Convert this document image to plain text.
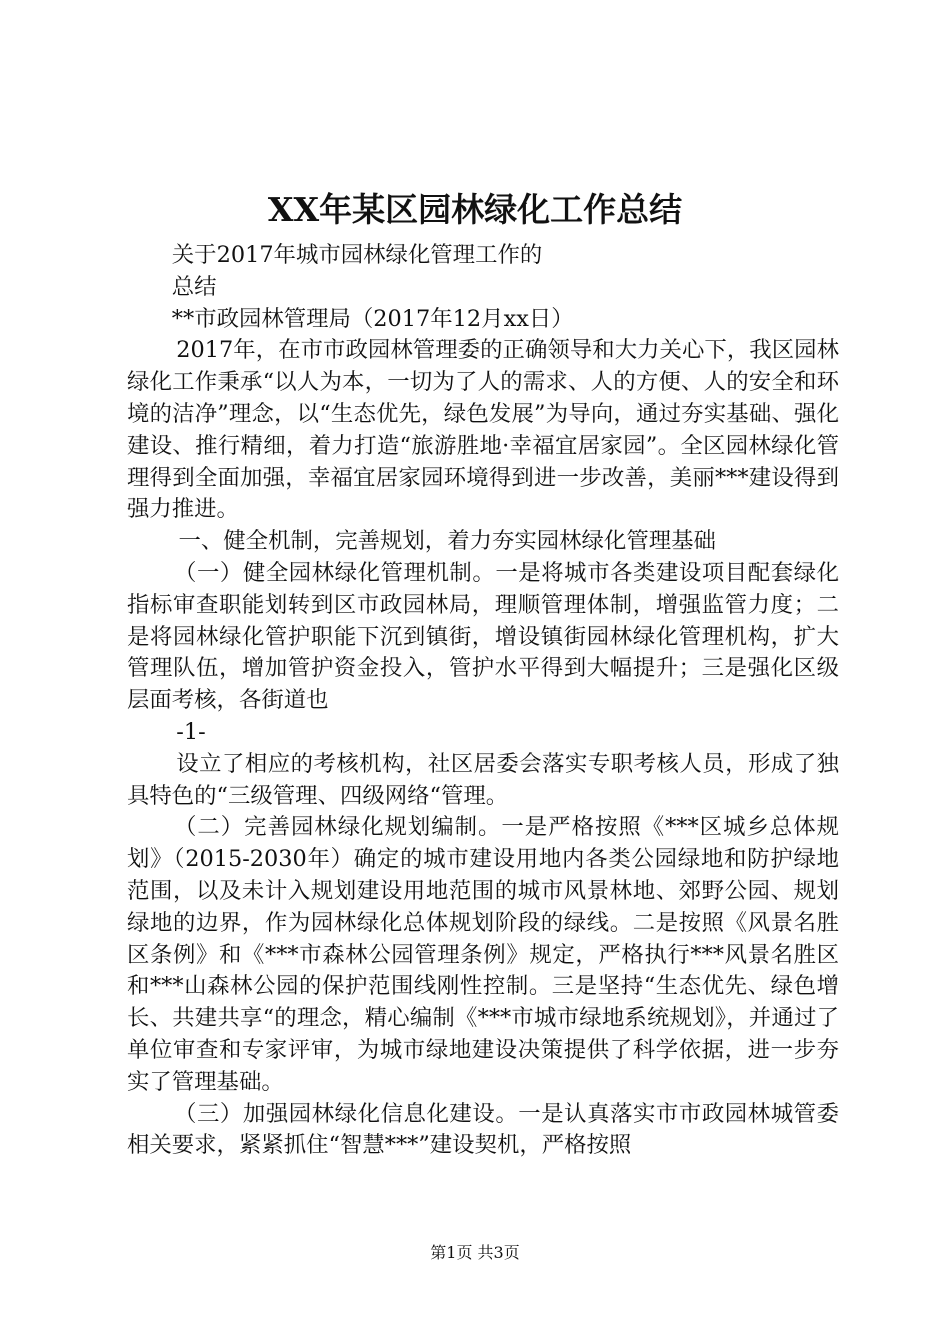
XX年某区园林绿化工作总结

关于2017年城市园林绿化管理工作的

总结

**市政园林管理局（2017年12月xx日）

2017年，在市市政园林管理委的正确领导和大力关心下，我区园林绿化工作秉承“以人为本，一切为了人的需求、人的方便、人的安全和环境的洁净”理念，以“生态优先，绿色发展”为导向，通过夯实基础、强化建设、推行精细，着力打造“旅游胜地·幸福宜居家园”。全区园林绿化管理得到全面加强，幸福宜居家园环境得到进一步改善，美丽***建设得到强力推进。

一、健全机制，完善规划，着力夯实园林绿化管理基础

（一）健全园林绿化管理机制。一是将城市各类建设项目配套绿化指标审查职能划转到区市政园林局，理顺管理体制，增强监管力度；二是将园林绿化管护职能下沉到镇街，增设镇街园林绿化管理机构，扩大管理队伍，增加管护资金投入，管护水平得到大幅提升；三是强化区级层面考核，各街道也

-1-

设立了相应的考核机构，社区居委会落实专职考核人员，形成了独具特色的“三级管理、四级网络“管理。

（二）完善园林绿化规划编制。一是严格按照《***区城乡总体规划》（2015-2030年）确定的城市建设用地内各类公园绿地和防护绿地范围，以及未计入规划建设用地范围的城市风景林地、郊野公园、规划绿地的边界，作为园林绿化总体规划阶段的绿线。二是按照《风景名胜区条例》和《***市森林公园管理条例》规定，严格执行***风景名胜区和***山森林公园的保护范围线刚性控制。三是坚持“生态优先、绿色增长、共建共享“的理念，精心编制《***市城市绿地系统规划》，并通过了单位审查和专家评审，为城市绿地建设决策提供了科学依据，进一步夯实了管理基础。

（三）加强园林绿化信息化建设。一是认真落实市市政园林城管委相关要求，紧紧抓住“智慧***”建设契机，严格按照

第1页 共3页
